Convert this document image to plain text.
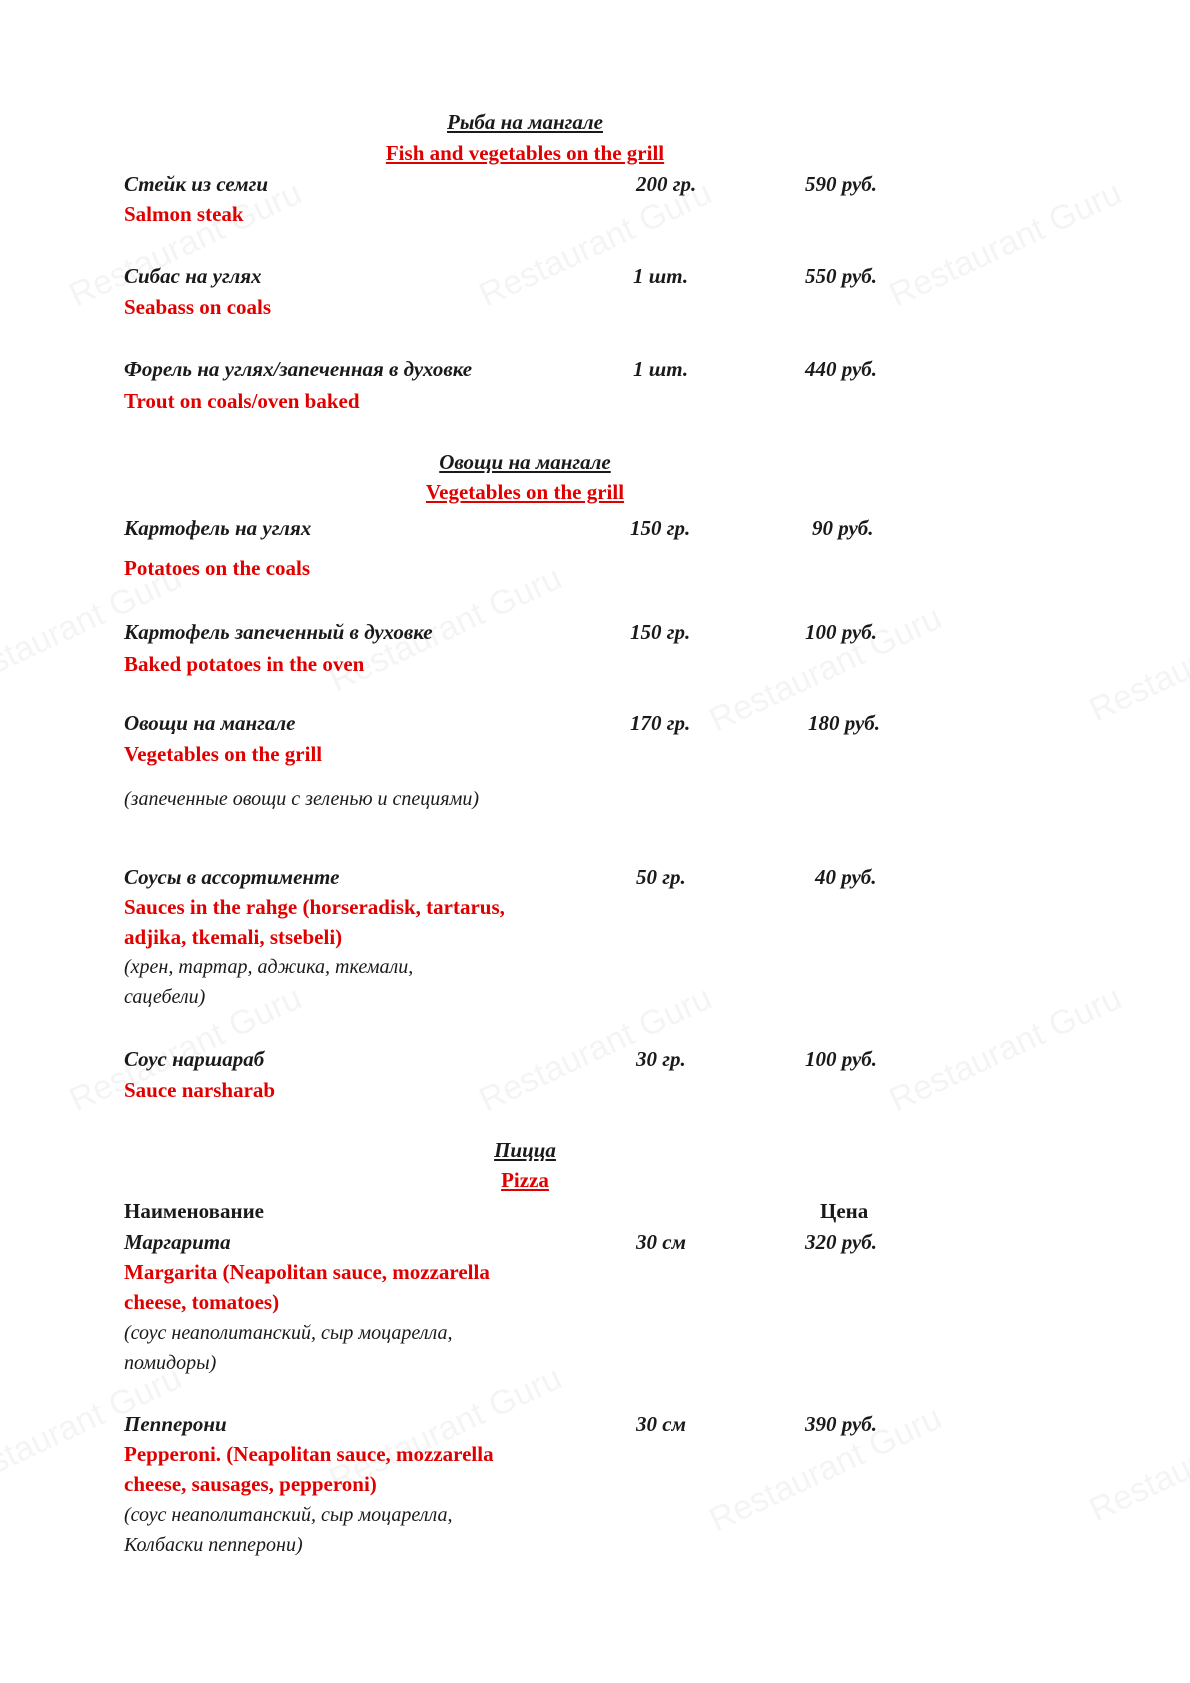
Рыба на мангале
Fish and vegetables on the grill
Стейк из семги	200 гр.	590 руб.
Salmon steak
Сибас на углях	1 шт.	550 руб.
Seabass on coals
Форель на углях/запеченная в духовке	1 шт.	440 руб.
Trout on coals/oven baked
Овощи на мангале
Vegetables on the grill
Картофель на углях	150 гр.	90 руб.
Potatoes on the coals
Картофель запеченный в духовке	150 гр.	100 руб.
Baked potatoes in the oven
Овощи на мангале	170 гр.	180 руб.
Vegetables on the grill
(запеченные овощи с зеленью и специями)
Соусы в ассортименте	50 гр.	40 руб.
Sauces in the rahge (horseradisk, tartarus, adjika, tkemali, stsebeli)
(хрен, тартар, аджика, ткемали, сацебели)
Соус наршараб	30 гр.	100 руб.
Sauce narsharab
Пицца
Pizza
Наименование	Цена
Маргарита	30 см	320 руб.
Margarita (Neapolitan sauce, mozzarella cheese, tomatoes)
(соус неаполитанский, сыр моцарелла, помидоры)
Пепперони	30 см	390 руб.
Pepperoni. (Neapolitan sauce, mozzarella cheese, sausages, pepperoni)
(соус неаполитанский, сыр моцарелла, Колбаски пепперони)
